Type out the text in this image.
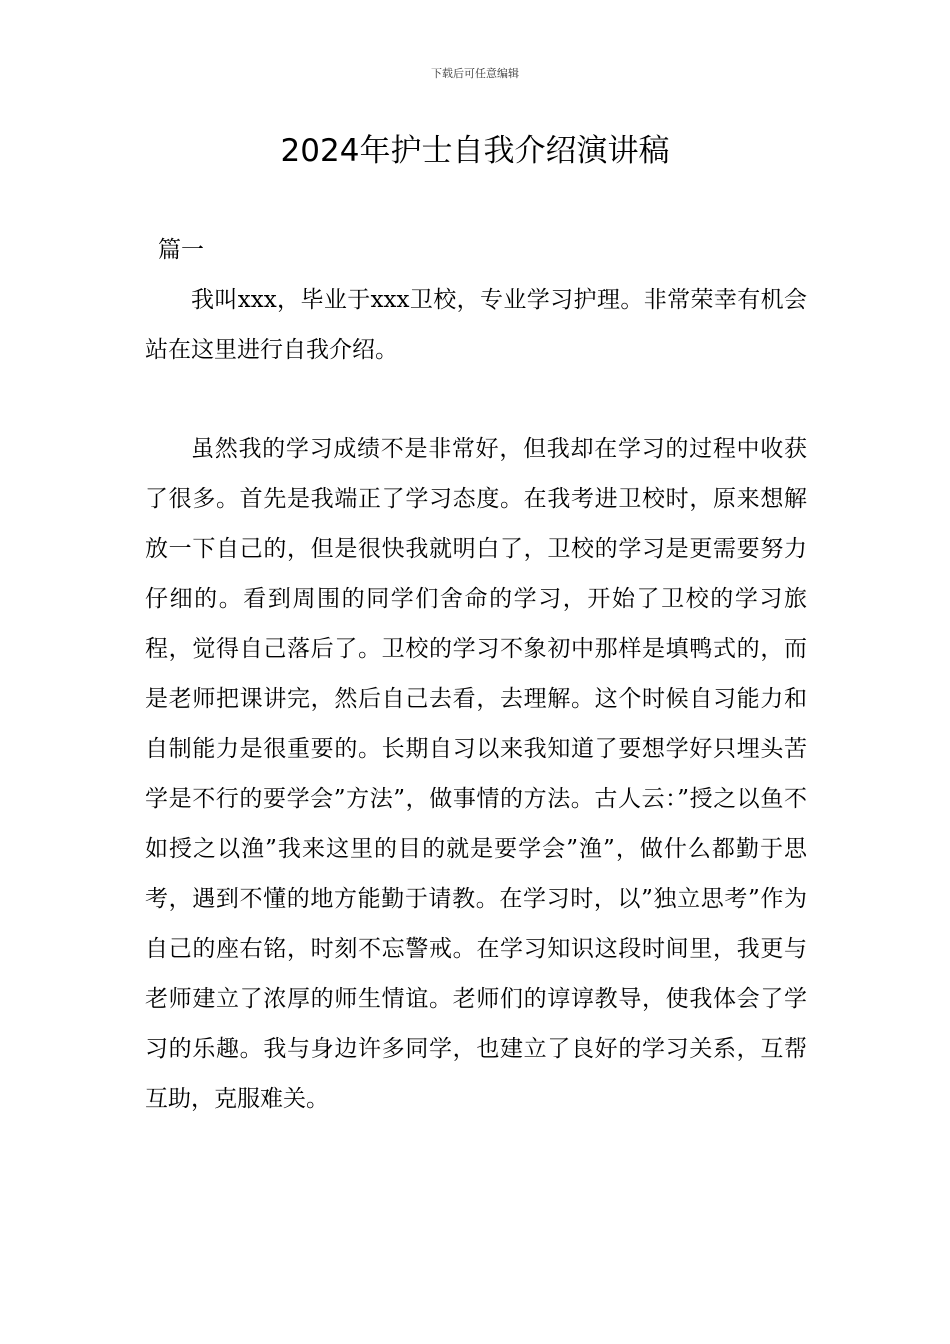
下载后可任意编辑
2024年护士自我介绍演讲稿
篇一

我叫xxx，毕业于xxx卫校，专业学习护理。非常荣幸有机会站在这里进行自我介绍。

虽然我的学习成绩不是非常好，但我却在学习的过程中收获了很多。首先是我端正了学习态度。在我考进卫校时，原来想解放一下自己的，但是很快我就明白了，卫校的学习是更需要努力仔细的。看到周围的同学们舍命的学习，开始了卫校的学习旅程，觉得自己落后了。卫校的学习不象初中那样是填鸭式的，而是老师把课讲完，然后自己去看，去理解。这个时候自习能力和自制能力是很重要的。长期自习以来我知道了要想学好只埋头苦学是不行的要学会”方法”，做事情的方法。古人云：”授之以鱼不如授之以渔”我来这里的目的就是要学会”渔”，做什么都勤于思考，遇到不懂的地方能勤于请教。在学习时，以”独立思考”作为自己的座右铭，时刻不忘警戒。在学习知识这段时间里，我更与老师建立了浓厚的师生情谊。老师们的谆谆教导，使我体会了学习的乐趣。我与身边许多同学，也建立了良好的学习关系，互帮互助，克服难关。
